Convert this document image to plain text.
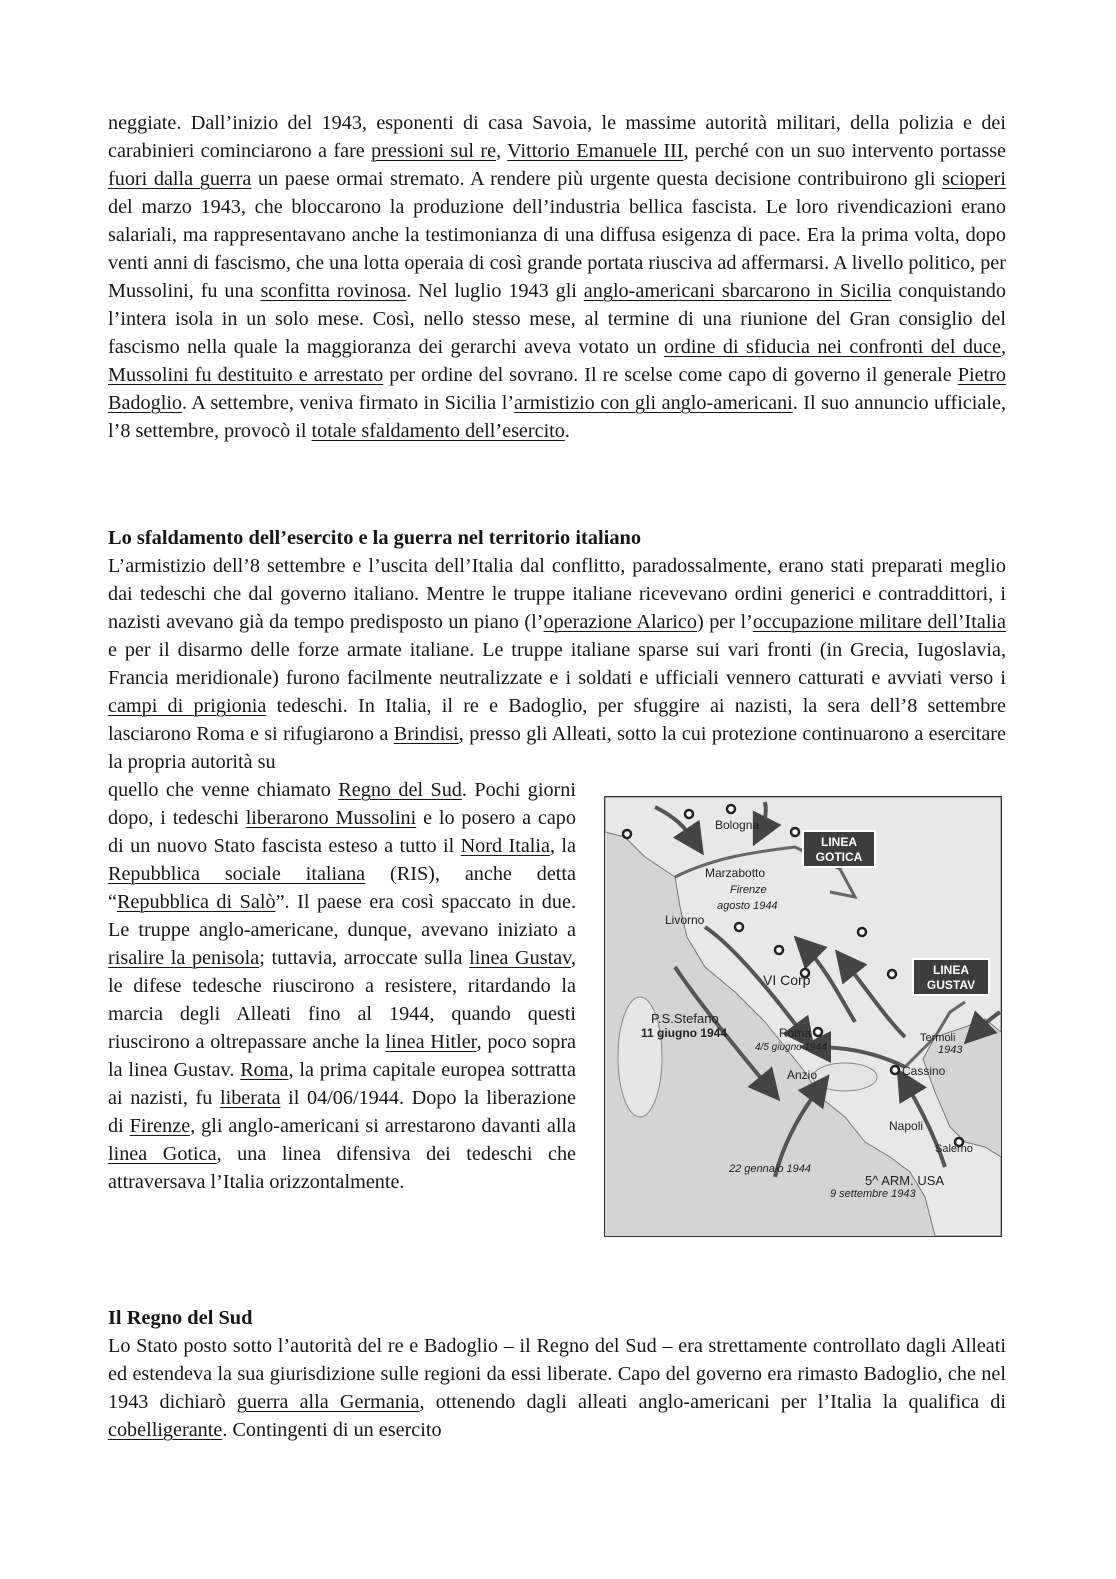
neggiate. Dall’inizio del 1943, esponenti di casa Savoia, le massime autorità militari, della polizia e dei carabinieri cominciarono a fare pressioni sul re, Vittorio Emanuele III, perché con un suo intervento portasse fuori dalla guerra un paese ormai stremato. A rendere più urgente questa decisione contribuirono gli scioperi del marzo 1943, che bloccarono la produzione dell’industria bellica fascista. Le loro rivendicazioni erano salariali, ma rappresentavano anche la testimonianza di una diffusa esigenza di pace. Era la prima volta, dopo venti anni di fascismo, che una lotta operaia di così grande portata riusciva ad affermarsi. A livello politico, per Mussolini, fu una sconfitta rovinosa. Nel luglio 1943 gli anglo-americani sbarcarono in Sicilia conquistando l’intera isola in un solo mese. Così, nello stesso mese, al termine di una riunione del Gran consiglio del fascismo nella quale la maggioranza dei gerarchi aveva votato un ordine di sfiducia nei confronti del duce, Mussolini fu destituito e arrestato per ordine del sovrano. Il re scelse come capo di governo il generale Pietro Badoglio. A settembre, veniva firmato in Sicilia l’armistizio con gli anglo-americani. Il suo annuncio ufficiale, l’8 settembre, provocò il totale sfaldamento dell’esercito.

Lo sfaldamento dell’esercito e la guerra nel territorio italiano

L’armistizio dell’8 settembre e l’uscita dell’Italia dal conflitto, paradossalmente, erano stati preparati meglio dai tedeschi che dal governo italiano. Mentre le truppe italiane ricevevano ordini generici e contraddittori, i nazisti avevano già da tempo predisposto un piano (l’operazione Alarico) per l’occupazione militare dell’Italia e per il disarmo delle forze armate italiane. Le truppe italiane sparse sui vari fronti (in Grecia, Iugoslavia, Francia meridionale) furono facilmente neutralizzate e i soldati e ufficiali vennero catturati e avviati verso i campi di prigionia tedeschi. In Italia, il re e Badoglio, per sfuggire ai nazisti, la sera dell’8 settembre lasciarono Roma e si rifugiarono a Brindisi, presso gli Alleati, sotto la cui protezione continuarono a esercitare la propria autorità su

quello che venne chiamato Regno del Sud. Pochi giorni dopo, i tedeschi liberarono Mussolini e lo posero a capo di un nuovo Stato fascista esteso a tutto il Nord Italia, la Repubblica sociale italiana (RIS), anche detta “Repubblica di Salò”. Il paese era così spaccato in due. Le truppe anglo-americane, dunque, avevano iniziato a risalire la penisola; tuttavia, arroccate sulla linea Gustav, le difese tedesche riuscirono a resistere, ritardando la marcia degli Alleati fino al 1944, quando questi riuscirono a oltrepassare anche la linea Hitler, poco sopra la linea Gustav. Roma, la prima capitale europea sottratta ai nazisti, fu liberata il 04/06/1944. Dopo la liberazione di Firenze, gli anglo-americani si arrestarono davanti alla linea Gotica, una linea difensiva dei tedeschi che attraversava l’Italia orizzontalmente.

Bologna
Marzabotto
Firenze
agosto 1944
Livorno
VI Corp
P.S.Stefano
11 giugno 1944	Roma
4/5 giugno 1944
Anzio	Cassino
Termoli
1943
Napoli
Salerno
22 gennaio 1944
5^ ARM. USA
9 settembre 1943
LINEA
GOTICA
LINEA
GUSTAV
Il Regno del Sud

Lo Stato posto sotto l’autorità del re e Badoglio – il Regno del Sud – era strettamente controllato dagli Alleati ed estendeva la sua giurisdizione sulle regioni da essi liberate. Capo del governo era rimasto Badoglio, che nel 1943 dichiarò guerra alla Germania, ottenendo dagli alleati anglo-americani per l’Italia la qualifica di cobelligerante. Contingenti di un esercito
